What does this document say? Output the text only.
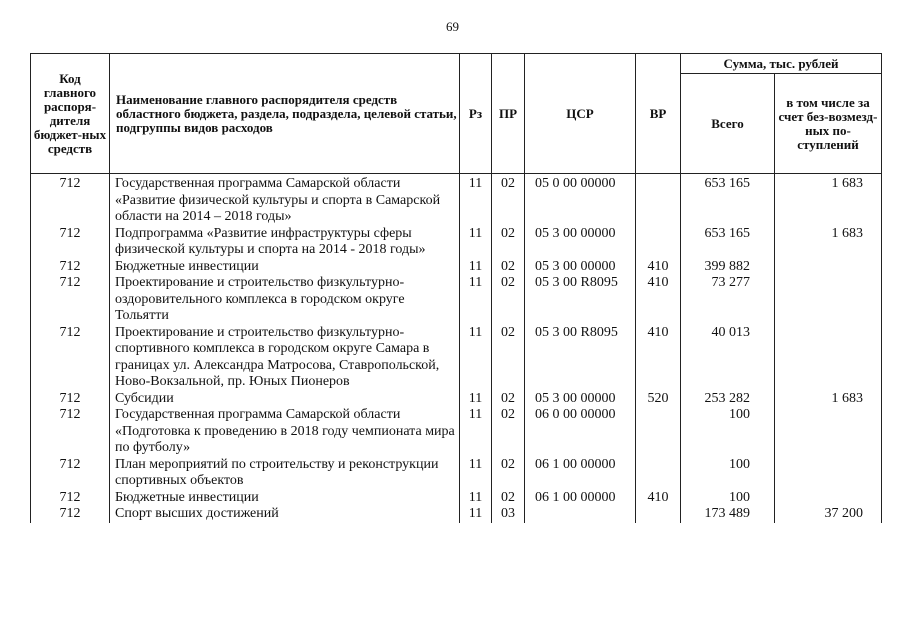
69
Код главного распоря-дителя бюджет-ных средств	Наименование главного распорядителя средств областного бюджета, раздела, подраздела, целевой статьи, подгруппы видов расходов	Рз	ПР	ЦСР	ВР	Сумма, тыс. рублей	
						Всего	в том числе за счет без-возмезд-ных по-ступлений
712	Государственная программа Самарской области «Развитие физической культуры и спорта в Самарской области на 2014 – 2018 годы»	11	02	05 0 00 00000		653 165	1 683
712	Подпрограмма «Развитие инфраструктуры сферы физической культуры и спорта на 2014 - 2018 годы»	11	02	05 3 00 00000		653 165	1 683
712	Бюджетные инвестиции	11	02	05 3 00 00000	410	399 882	
712	Проектирование и строительство физкультурно-оздоровительного комплекса в городском округе Тольятти	11	02	05 3 00 R8095	410	73 277	
712	Проектирование и строительство физкультурно-спортивного комплекса в городском округе Самара в границах ул. Александра Матросова, Ставропольской, Ново-Вокзальной, пр. Юных Пионеров	11	02	05 3 00 R8095	410	40 013	
712	Субсидии	11	02	05 3 00 00000	520	253 282	1 683
712	Государственная программа Самарской области «Подготовка к проведению в 2018 году чемпионата мира по футболу»	11	02	06 0 00 00000		100	
712	План мероприятий по строительству и реконструкции спортивных объектов	11	02	06 1 00 00000		100	
712	Бюджетные инвестиции	11	02	06 1 00 00000	410	100	
712	Спорт высших достижений	11	03			173 489	37 200
